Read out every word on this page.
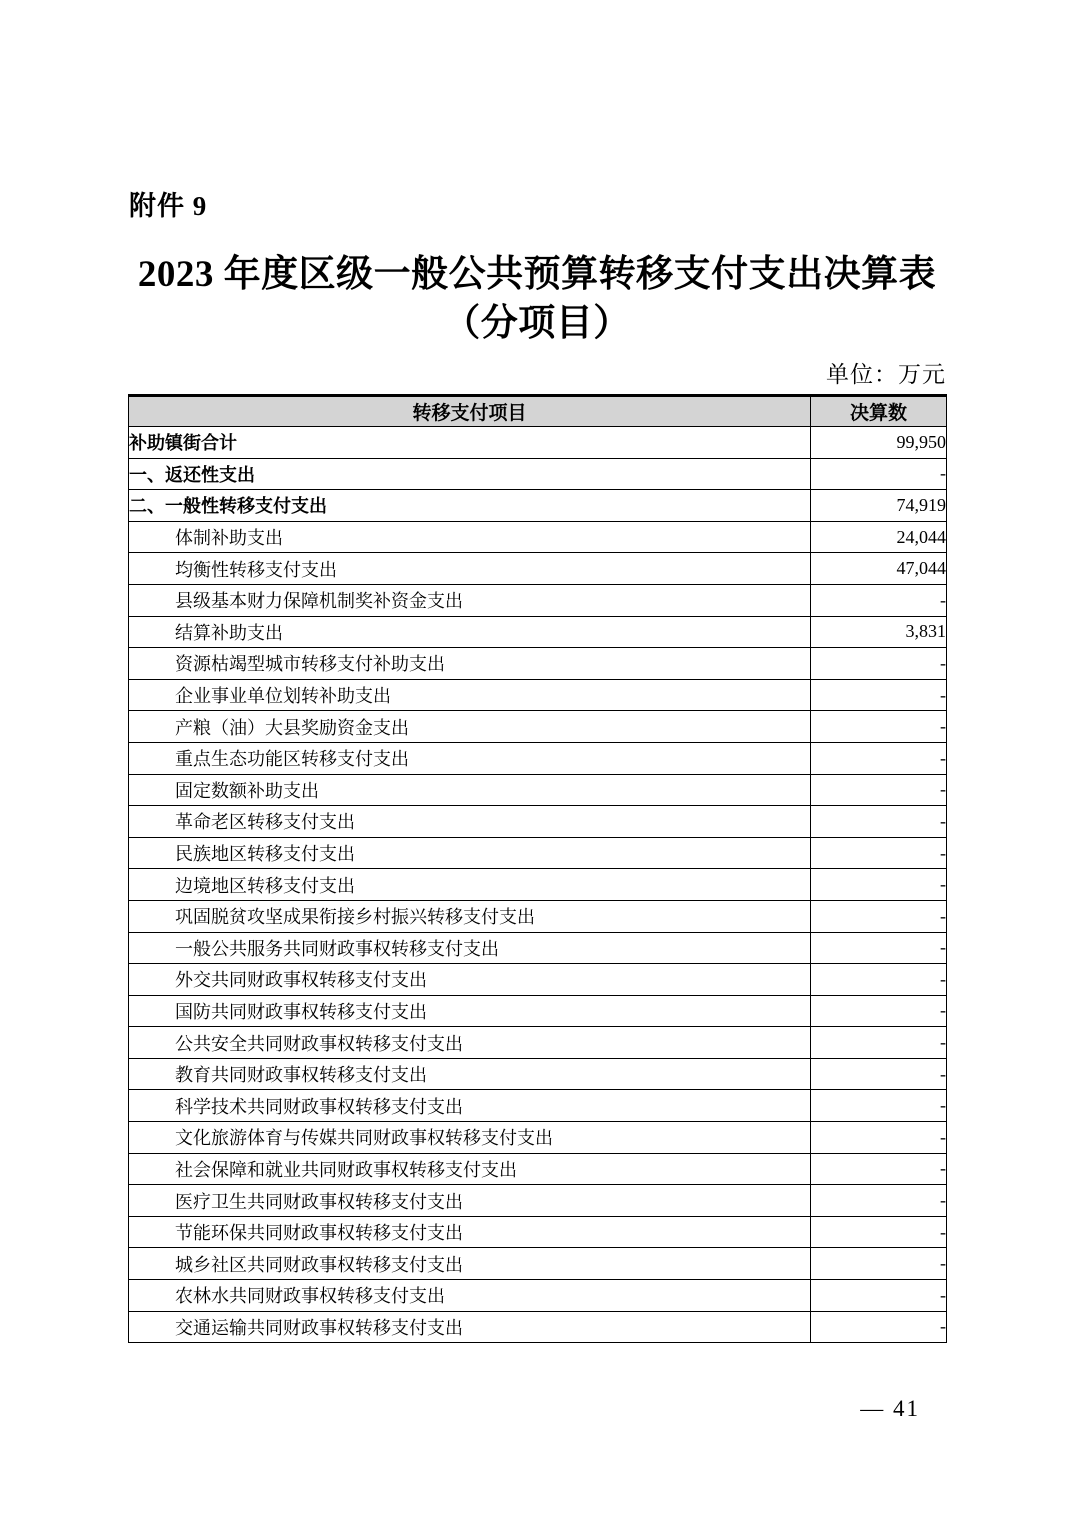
附件 9
2023 年度区级一般公共预算转移支付支出决算表
（分项目）
单位：万元
转移支付项目	决算数
补助镇街合计	99,950
一、返还性支出	-
二、一般性转移支付支出	74,919
体制补助支出	24,044
均衡性转移支付支出	47,044
县级基本财力保障机制奖补资金支出	-
结算补助支出	3,831
资源枯竭型城市转移支付补助支出	-
企业事业单位划转补助支出	-
产粮（油）大县奖励资金支出	-
重点生态功能区转移支付支出	-
固定数额补助支出	-
革命老区转移支付支出	-
民族地区转移支付支出	-
边境地区转移支付支出	-
巩固脱贫攻坚成果衔接乡村振兴转移支付支出	-
一般公共服务共同财政事权转移支付支出	-
外交共同财政事权转移支付支出	-
国防共同财政事权转移支付支出	-
公共安全共同财政事权转移支付支出	-
教育共同财政事权转移支付支出	-
科学技术共同财政事权转移支付支出	-
文化旅游体育与传媒共同财政事权转移支付支出	-
社会保障和就业共同财政事权转移支付支出	-
医疗卫生共同财政事权转移支付支出	-
节能环保共同财政事权转移支付支出	-
城乡社区共同财政事权转移支付支出	-
农林水共同财政事权转移支付支出	-
交通运输共同财政事权转移支付支出	-
— 41
